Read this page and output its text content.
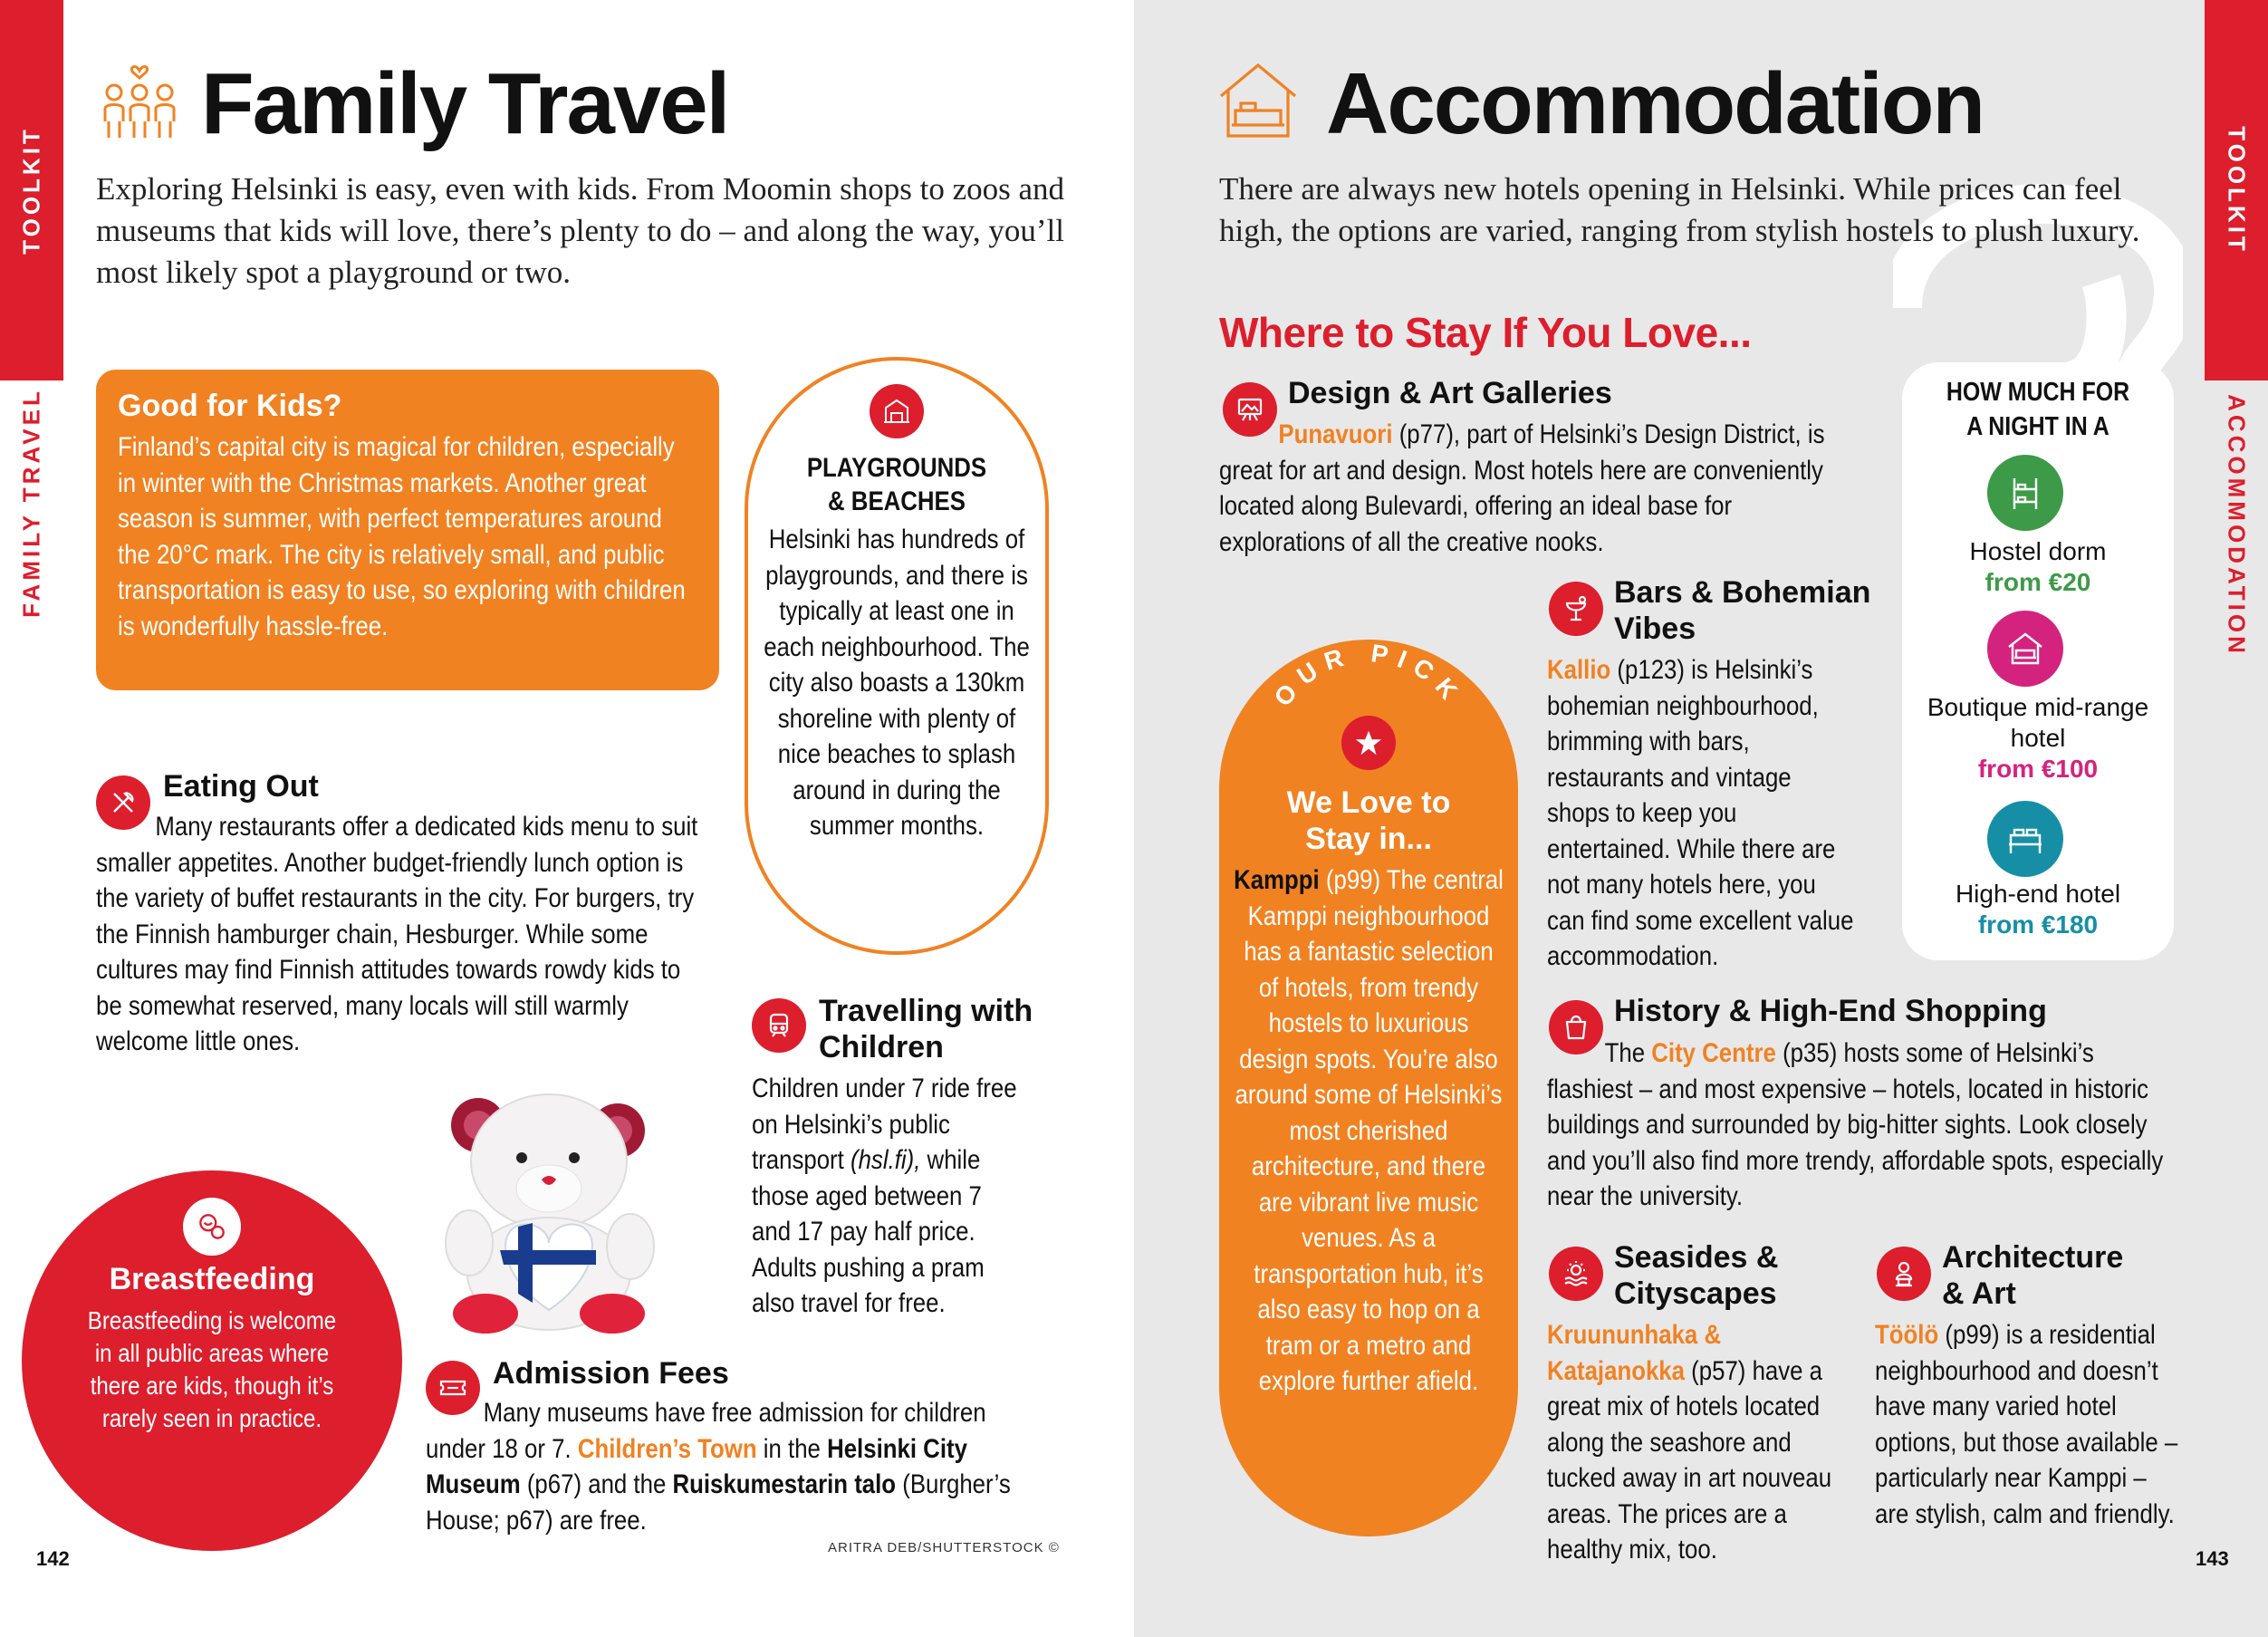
TOOLKIT
FAMILY TRAVEL
TOOLKIT
ACCOMMODATION
Family Travel
Exploring Helsinki is easy, even with kids. From Moomin shops to zoos and museums that kids will love, there’s plenty to do – and along the way, you’ll most likely spot a playground or two.
Good for Kids?
Finland’s capital city is magical for children, especially in winter with the Christmas markets. Another great season is summer, with perfect temperatures around the 20°C mark. The city is relatively small, and public transportation is easy to use, so exploring with children is wonderfully hassle-free.
PLAYGROUNDS
& BEACHES
Helsinki has hundreds of playgrounds, and there is typically at least one in each neighbourhood. The city also boasts a 130km shoreline with plenty of nice beaches to splash around in during the summer months.
Eating Out
Many restaurants offer a dedicated kids menu to suit smaller appetites. Another budget-friendly lunch option is the variety of buffet restaurants in the city. For burgers, try the Finnish hamburger chain, Hesburger. While some cultures may find Finnish attitudes towards rowdy kids to be somewhat reserved, many locals will still warmly welcome little ones.
Travelling with
Children
Children under 7 ride free on Helsinki’s public transport (hsl.fi), while those aged between 7 and 17 pay half price. Adults pushing a pram also travel for free.
Breastfeeding
Breastfeeding is welcome in all public areas where there are kids, though it’s rarely seen in practice.
Admission Fees
Many museums have free admission for children under 18 or 7. Children’s Town in the Helsinki City Museum (p67) and the Ruiskumestarin talo (Burgher’s House; p67) are free.
ARITRA DEB/SHUTTERSTOCK ©
142
Accommodation
There are always new hotels opening in Helsinki. While prices can feel high, the options are varied, ranging from stylish hostels to plush luxury.
Where to Stay If You Love...
Design & Art Galleries
Punavuori (p77), part of Helsinki’s Design District, is great for art and design. Most hotels here are conveniently located along Bulevardi, offering an ideal base for explorations of all the creative nooks.
Bars & Bohemian
Vibes
Kallio (p123) is Helsinki’s bohemian neighbourhood, brimming with bars, restaurants and vintage shops to keep you entertained. While there are not many hotels here, you can find some excellent value accommodation.
OUR PICK
We Love to
Stay in...
Kamppi (p99) The central Kamppi neighbourhood has a fantastic selection of hotels, from trendy hostels to luxurious design spots. You’re also around some of Helsinki’s most cherished architecture, and there are vibrant live music venues. As a transportation hub, it’s also easy to hop on a tram or a metro and explore further afield.
History & High-End Shopping
The City Centre (p35) hosts some of Helsinki’s flashiest – and most expensive – hotels, located in historic buildings and surrounded by big-hitter sights. Look closely and you’ll also find more trendy, affordable spots, especially near the university.
Seasides &
Cityscapes
Kruununhaka & Katajanokka (p57) have a great mix of hotels located along the seashore and tucked away in art nouveau areas. The prices are a healthy mix, too.
Architecture
& Art
Töölö (p99) is a residential neighbourhood and doesn’t have many varied hotel options, but those available – particularly near Kamppi – are stylish, calm and friendly.
HOW MUCH FOR
A NIGHT IN A
Hostel dorm
from €20
Boutique mid-range hotel
from €100
High-end hotel
from €180
143
